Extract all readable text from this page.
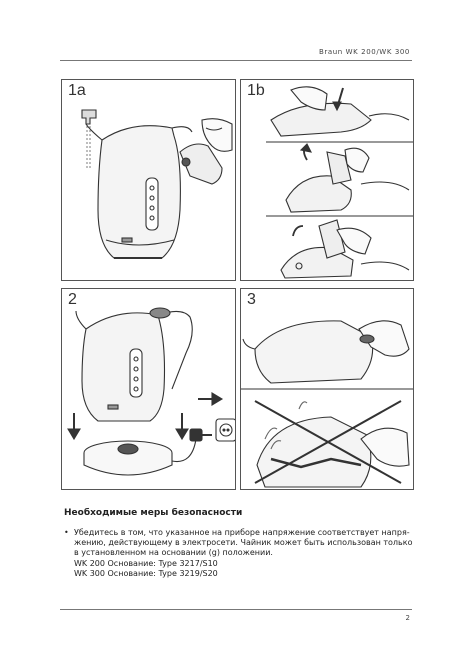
Braun WK 200/WK 300
1a	1b
2	3
Необходимые меры безопасности
• Убедитесь в том, что указанное на приборе напряжение соответствует напря-
жению, действующему в электросети. Чайник может быть использован только
в установленном на основании (g) положении.
WK 200 Основание: Type 3217/S10
WK 300 Основание: Type 3219/S20
2
